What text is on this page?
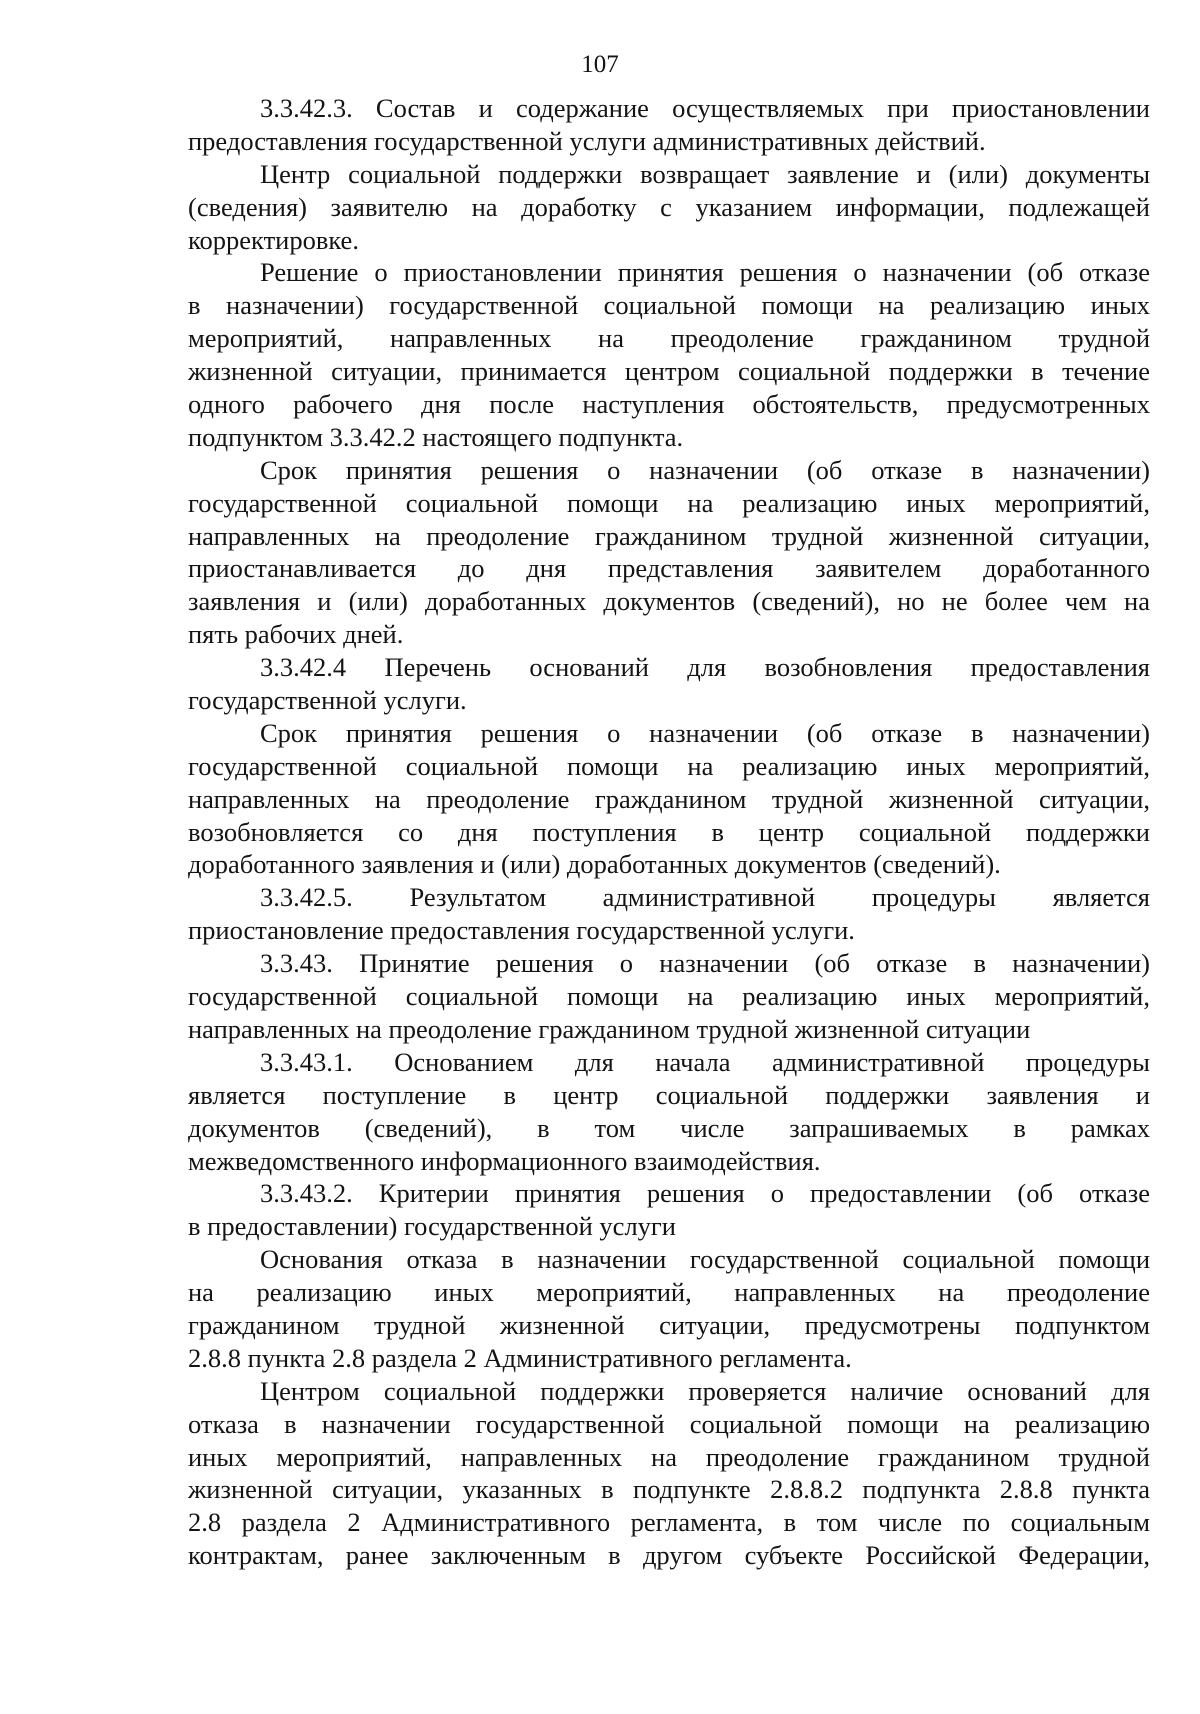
107
3.3.42.3. Состав и содержание осуществляемых при приостановлении
предоставления государственной услуги административных действий.
Центр социальной поддержки возвращает заявление и (или) документы
(сведения) заявителю на доработку с указанием информации, подлежащей
корректировке.
Решение о приостановлении принятия решения о назначении (об отказе
в назначении) государственной социальной помощи на реализацию иных
мероприятий, направленных на преодоление гражданином трудной
жизненной ситуации, принимается центром социальной поддержки в течение
одного рабочего дня после наступления обстоятельств, предусмотренных
подпунктом 3.3.42.2 настоящего подпункта.
Срок принятия решения о назначении (об отказе в назначении)
государственной социальной помощи на реализацию иных мероприятий,
направленных на преодоление гражданином трудной жизненной ситуации,
приостанавливается до дня представления заявителем доработанного
заявления и (или) доработанных документов (сведений), но не более чем на
пять рабочих дней.
3.3.42.4 Перечень оснований для возобновления предоставления
государственной услуги.
Срок принятия решения о назначении (об отказе в назначении)
государственной социальной помощи на реализацию иных мероприятий,
направленных на преодоление гражданином трудной жизненной ситуации,
возобновляется со дня поступления в центр социальной поддержки
доработанного заявления и (или) доработанных документов (сведений).
3.3.42.5. Результатом административной процедуры является
приостановление предоставления государственной услуги.
3.3.43. Принятие решения о назначении (об отказе в назначении)
государственной социальной помощи на реализацию иных мероприятий,
направленных на преодоление гражданином трудной жизненной ситуации
3.3.43.1. Основанием для начала административной процедуры
является поступление в центр социальной поддержки заявления и
документов (сведений), в том числе запрашиваемых в рамках
межведомственного информационного взаимодействия.
3.3.43.2. Критерии принятия решения о предоставлении (об отказе
в предоставлении) государственной услуги
Основания отказа в назначении государственной социальной помощи
на реализацию иных мероприятий, направленных на преодоление
гражданином трудной жизненной ситуации, предусмотрены подпунктом
2.8.8 пункта 2.8 раздела 2 Административного регламента.
Центром социальной поддержки проверяется наличие оснований для
отказа в назначении государственной социальной помощи на реализацию
иных мероприятий, направленных на преодоление гражданином трудной
жизненной ситуации, указанных в подпункте 2.8.8.2 подпункта 2.8.8 пункта
2.8 раздела 2 Административного регламента, в том числе по социальным
контрактам, ранее заключенным в другом субъекте Российской Федерации,
